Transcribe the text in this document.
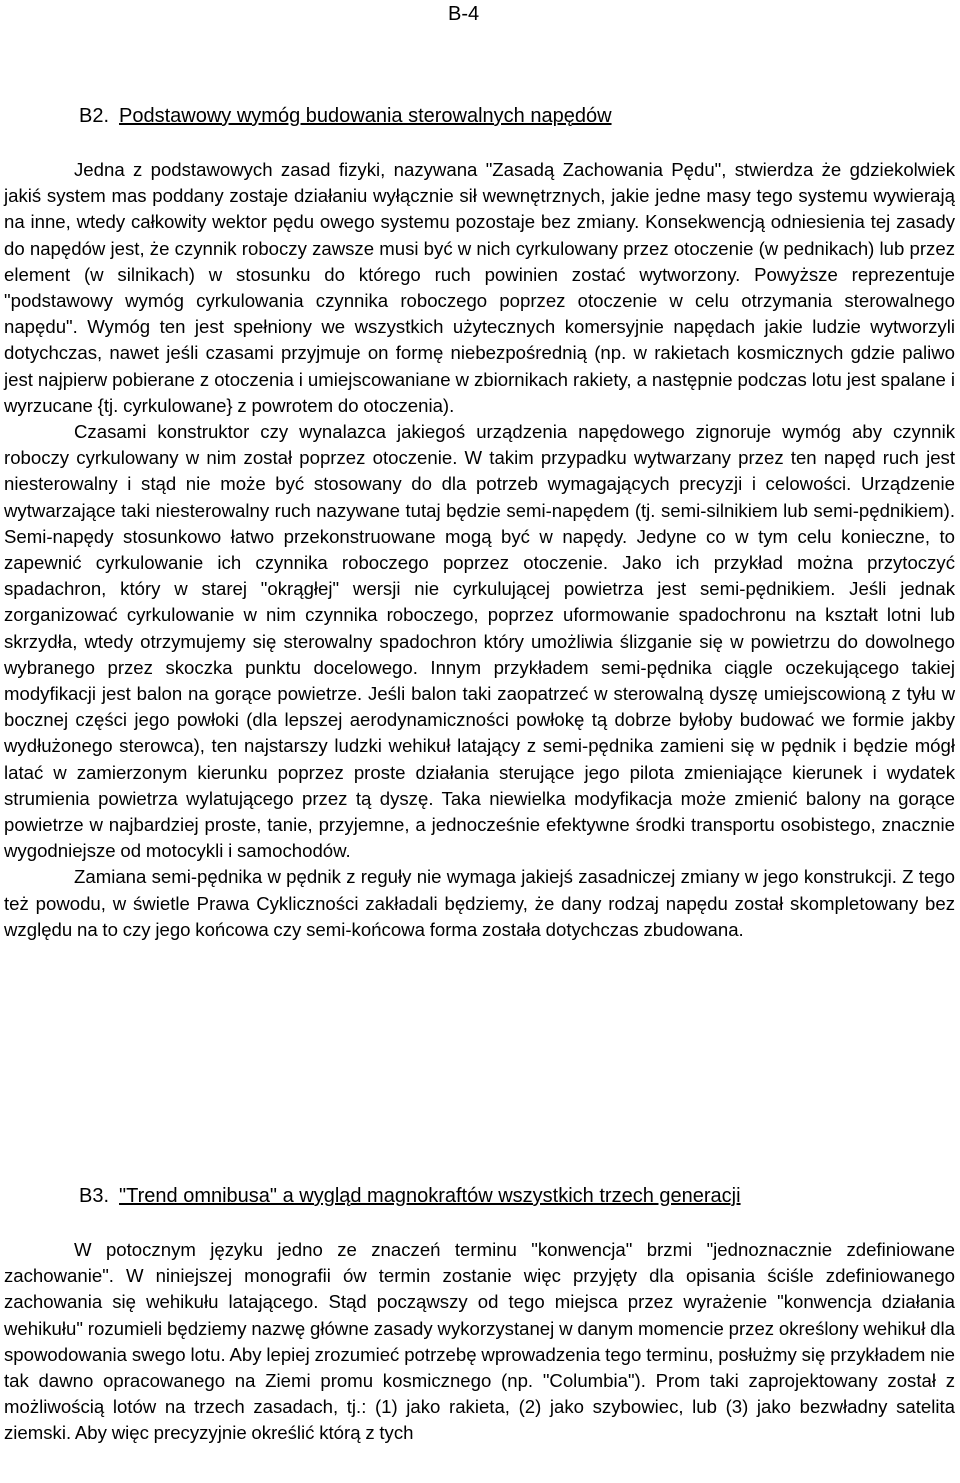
B-4
B2. Podstawowy wymóg budowania sterowalnych napędów

Jedna z podstawowych zasad fizyki, nazywana "Zasadą Zachowania Pędu", stwierdza że gdziekolwiek jakiś system mas poddany zostaje działaniu wyłącznie sił wewnętrznych, jakie jedne masy tego systemu wywierają na inne, wtedy całkowity wektor pędu owego systemu pozostaje bez zmiany. Konsekwencją odniesienia tej zasady do napędów jest, że czynnik roboczy zawsze musi być w nich cyrkulowany przez otoczenie (w pednikach) lub przez element (w silnikach) w stosunku do którego ruch powinien zostać wytworzony. Powyższe reprezentuje "podstawowy wymóg cyrkulowania czynnika roboczego poprzez otoczenie w celu otrzymania sterowalnego napędu". Wymóg ten jest spełniony we wszystkich użytecznych komersyjnie napędach jakie ludzie wytworzyli dotychczas, nawet jeśli czasami przyjmuje on formę niebezpośrednią (np. w rakietach kosmicznych gdzie paliwo jest najpierw pobierane z otoczenia i umiejscowaniane w zbiornikach rakiety, a następnie podczas lotu jest spalane i wyrzucane {tj. cyrkulowane} z powrotem do otoczenia).

Czasami konstruktor czy wynalazca jakiegoś urządzenia napędowego zignoruje wymóg aby czynnik roboczy cyrkulowany w nim został poprzez otoczenie. W takim przypadku wytwarzany przez ten napęd ruch jest niesterowalny i stąd nie może być stosowany do dla potrzeb wymagających precyzji i celowości. Urządzenie wytwarzające taki niesterowalny ruch nazywane tutaj będzie semi-napędem (tj. semi-silnikiem lub semi-pędnikiem). Semi-napędy stosunkowo łatwo przekonstruowane mogą być w napędy. Jedyne co w tym celu konieczne, to zapewnić cyrkulowanie ich czynnika roboczego poprzez otoczenie. Jako ich przykład można przytoczyć spadachron, który w starej "okrągłej" wersji nie cyrkulującej powietrza jest semi-pędnikiem. Jeśli jednak zorganizować cyrkulowanie w nim czynnika roboczego, poprzez uformowanie spadochronu na kształt lotni lub skrzydła, wtedy otrzymujemy się sterowalny spadochron który umożliwia ślizganie się w powietrzu do dowolnego wybranego przez skoczka punktu docelowego. Innym przykładem semi-pędnika ciągle oczekującego takiej modyfikacji jest balon na gorące powietrze. Jeśli balon taki zaopatrzeć w sterowalną dyszę umiejscowioną z tyłu w bocznej części jego powłoki (dla lepszej aerodynamiczności powłokę tą dobrze byłoby budować we formie jakby wydłużonego sterowca), ten najstarszy ludzki wehikuł latający z semi-pędnika zamieni się w pędnik i będzie mógł latać w zamierzonym kierunku poprzez proste działania sterujące jego pilota zmieniające kierunek i wydatek strumienia powietrza wylatującego przez tą dyszę. Taka niewielka modyfikacja może zmienić balony na gorące powietrze w najbardziej proste, tanie, przyjemne, a jednocześnie efektywne środki transportu osobistego, znacznie wygodniejsze od motocykli i samochodów.

Zamiana semi-pędnika w pędnik z reguły nie wymaga jakiejś zasadniczej zmiany w jego konstrukcji. Z tego też powodu, w świetle Prawa Cykliczności zakładali będziemy, że dany rodzaj napędu został skompletowany bez względu na to czy jego końcowa czy semi-końcowa forma została dotychczas zbudowana.

B3. "Trend omnibusa" a wygląd magnokraftów wszystkich trzech generacji

W potocznym języku jedno ze znaczeń terminu "konwencja" brzmi "jednoznacznie zdefiniowane zachowanie". W niniejszej monografii ów termin zostanie więc przyjęty dla opisania ściśle zdefiniowanego zachowania się wehikułu latającego. Stąd począwszy od tego miejsca przez wyrażenie "konwencja działania wehikułu" rozumieli będziemy nazwę główne zasady wykorzystanej w danym momencie przez określony wehikuł dla spowodowania swego lotu. Aby lepiej zrozumieć potrzebę wprowadzenia tego terminu, posłużmy się przykładem nie tak dawno opracowanego na Ziemi promu kosmicznego (np. "Columbia"). Prom taki zaprojektowany został z możliwością lotów na trzech zasadach, tj.: (1) jako rakieta, (2) jako szybowiec, lub (3) jako bezwładny satelita ziemski. Aby więc precyzyjnie określić którą z tych
